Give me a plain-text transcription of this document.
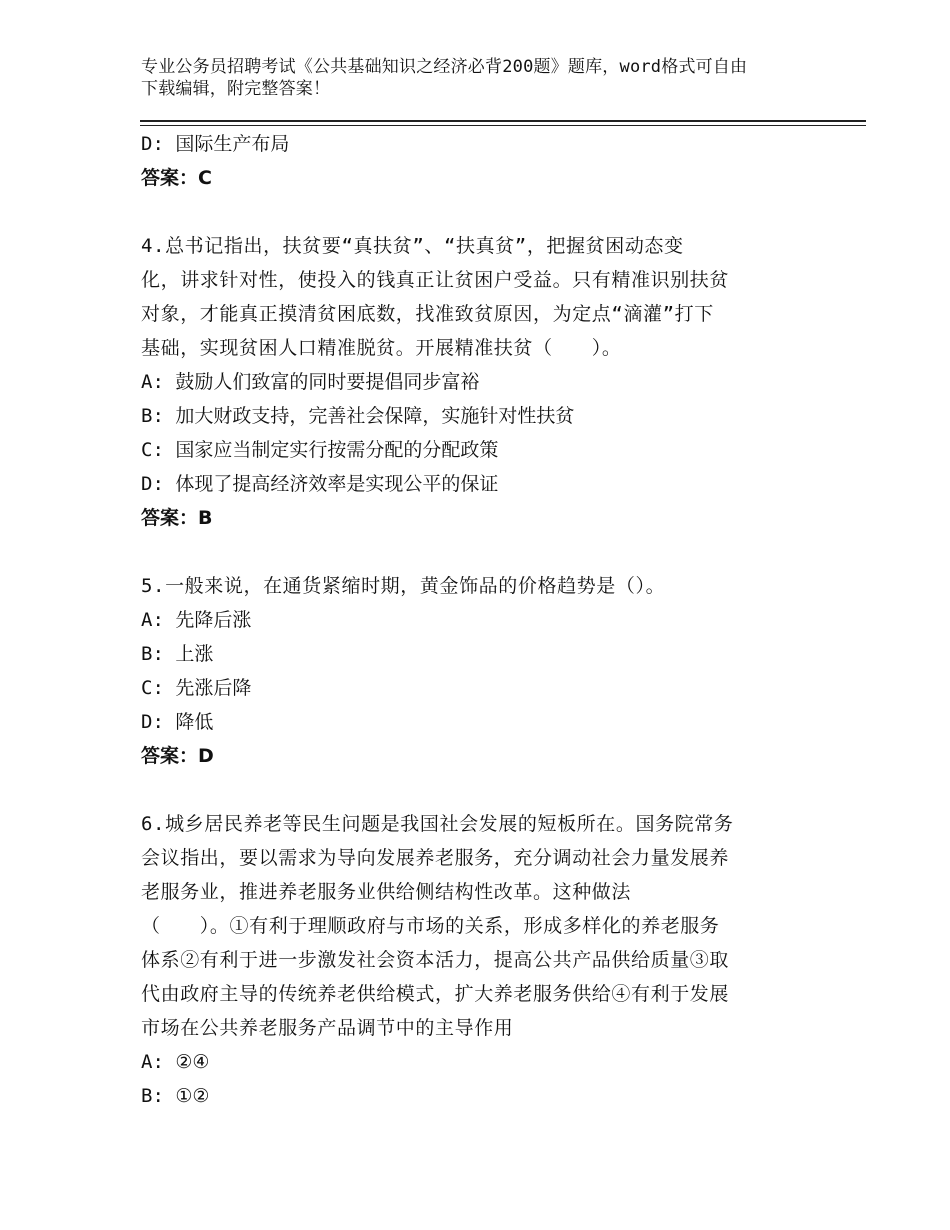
专业公务员招聘考试《公共基础知识之经济必背200题》题库，word格式可自由
下载编辑，附完整答案！
D: 国际生产布局
答案：C
4.总书记指出，扶贫要“真扶贫”、“扶真贫”，把握贫困动态变
化，讲求针对性，使投入的钱真正让贫困户受益。只有精准识别扶贫
对象，才能真正摸清贫困底数，找准致贫原因，为定点“滴灌”打下
基础，实现贫困人口精准脱贫。开展精准扶贫（　　）。
A: 鼓励人们致富的同时要提倡同步富裕
B: 加大财政支持，完善社会保障，实施针对性扶贫
C: 国家应当制定实行按需分配的分配政策
D: 体现了提高经济效率是实现公平的保证
答案：B
5.一般来说，在通货紧缩时期，黄金饰品的价格趋势是（）。
A: 先降后涨
B: 上涨
C: 先涨后降
D: 降低
答案：D
6.城乡居民养老等民生问题是我国社会发展的短板所在。国务院常务
会议指出，要以需求为导向发展养老服务，充分调动社会力量发展养
老服务业，推进养老服务业供给侧结构性改革。这种做法
（　　）。①有利于理顺政府与市场的关系，形成多样化的养老服务
体系②有利于进一步激发社会资本活力，提高公共产品供给质量③取
代由政府主导的传统养老供给模式，扩大养老服务供给④有利于发展
市场在公共养老服务产品调节中的主导作用
A: ②④
B: ①②
